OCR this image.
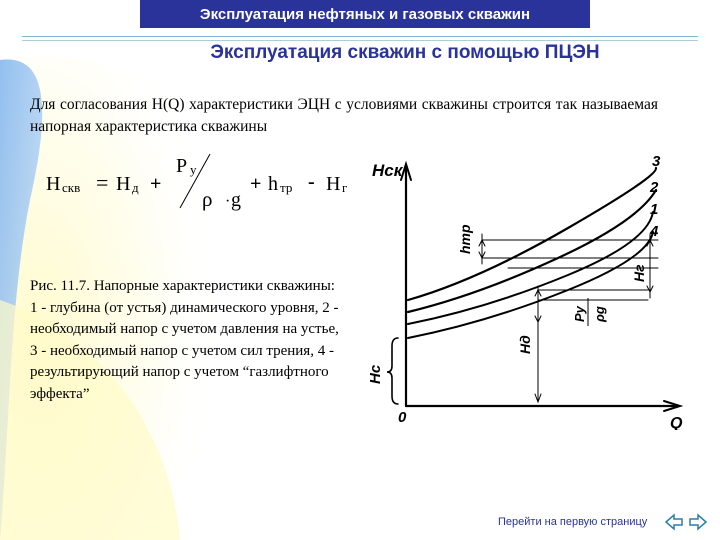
Эксплуатация нефтяных и газовых скважин
Эксплуатация скважин с помощью ПЦЭН
Для согласования H(Q) характеристики ЭЦН с условиями скважины строится так называемая напорная характеристика скважины
H скв = H д +
P у
ρ · g
+ h тр - H г

Рис. 11.7. Напорные характеристики скважины:

1 - глубина (от устья) динамического уровня, 2 - необходимый напор с учетом давления на устье, 3 - необходимый напор с учетом сил трения, 4 - результирующий напор с учетом “газлифтного эффекта”

Hск
Q
0
3
2
1
4
hтр
Hг
Pу ρg
Hд
Hc
Перейти на первую страницу
